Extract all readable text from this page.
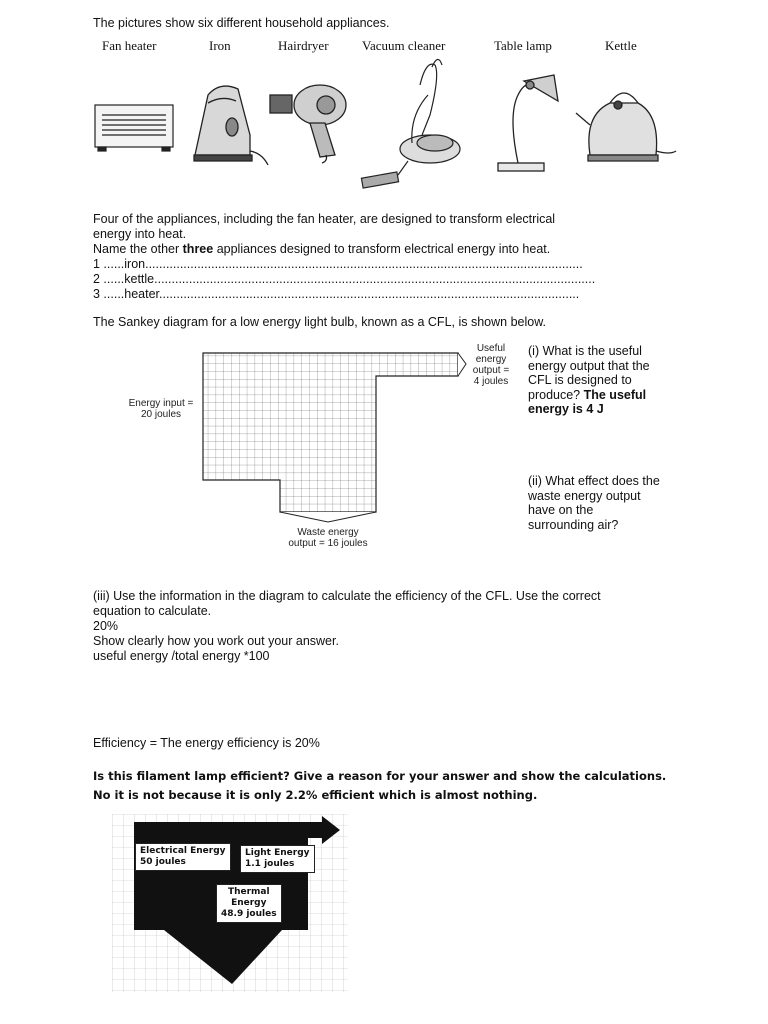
The pictures show six different household appliances.
Fan heater	Iron	Hairdryer	Vacuum cleaner	Table lamp	Kettle
Four of the appliances, including the fan heater, are designed to transform electrical
energy into heat.
Name the other three appliances designed to transform electrical energy into heat.
1 ......iron..............................................................................................................................
2 ......kettle...............................................................................................................................
3 ......heater.........................................................................................................................
The Sankey diagram for a low energy light bulb, known as a CFL, is shown below.
Useful
energy
output =
4 joules
Energy input =
20 joules
Waste energy
output = 16 joules
(i) What is the useful
energy output that the
CFL is designed to
produce? The useful
energy is 4 J
(ii) What effect does the
waste energy output
have on the
surrounding air?
(iii) Use the information in the diagram to calculate the efficiency of the CFL. Use the correct
equation to calculate.
20%
Show clearly how you work out your answer.
useful energy /total energy *100
Efficiency = The energy efficiency is 20%
Is this filament lamp efficient? Give a reason for your answer and show the calculations.
No it is not because it is only 2.2% efficient which is almost nothing.
Electrical Energy
50 joules
Light Energy
1.1 joules
Thermal
Energy
48.9 joules
